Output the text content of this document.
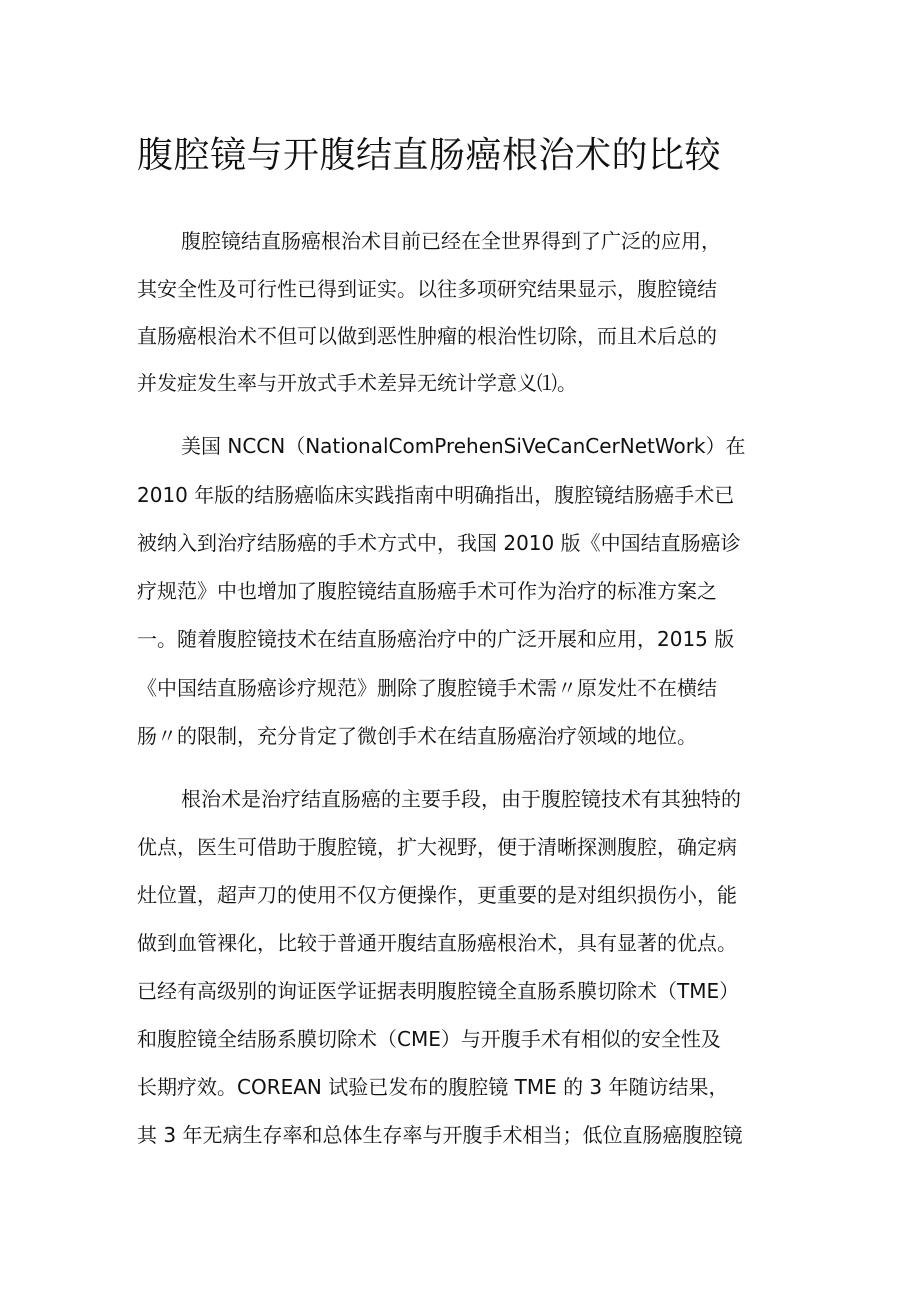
腹腔镜与开腹结直肠癌根治术的比较

腹腔镜结直肠癌根治术目前已经在全世界得到了广泛的应用，

其安全性及可行性已得到证实。以往多项研究结果显示，腹腔镜结

直肠癌根治术不但可以做到恶性肿瘤的根治性切除，而且术后总的

并发症发生率与开放式手术差异无统计学意义⑴。

美国 NCCN（NationalComPrehenSiVeCanCerNetWork）在

2010 年版的结肠癌临床实践指南中明确指出，腹腔镜结肠癌手术已

被纳入到治疗结肠癌的手术方式中，我国 2010 版《中国结直肠癌诊

疗规范》中也增加了腹腔镜结直肠癌手术可作为治疗的标准方案之

一。随着腹腔镜技术在结直肠癌治疗中的广泛开展和应用，2015 版

《中国结直肠癌诊疗规范》删除了腹腔镜手术需〃原发灶不在横结

肠〃的限制，充分肯定了微创手术在结直肠癌治疗领域的地位。

根治术是治疗结直肠癌的主要手段，由于腹腔镜技术有其独特的

优点，医生可借助于腹腔镜，扩大视野，便于清晰探测腹腔，确定病

灶位置，超声刀的使用不仅方便操作，更重要的是对组织损伤小，能

做到血管裸化，比较于普通开腹结直肠癌根治术，具有显著的优点。

已经有高级别的询证医学证据表明腹腔镜全直肠系膜切除术（TME）

和腹腔镜全结肠系膜切除术（CME）与开腹手术有相似的安全性及

长期疗效。COREAN 试验已发布的腹腔镜 TME 的 3 年随访结果，

其 3 年无病生存率和总体生存率与开腹手术相当；低位直肠癌腹腔镜
